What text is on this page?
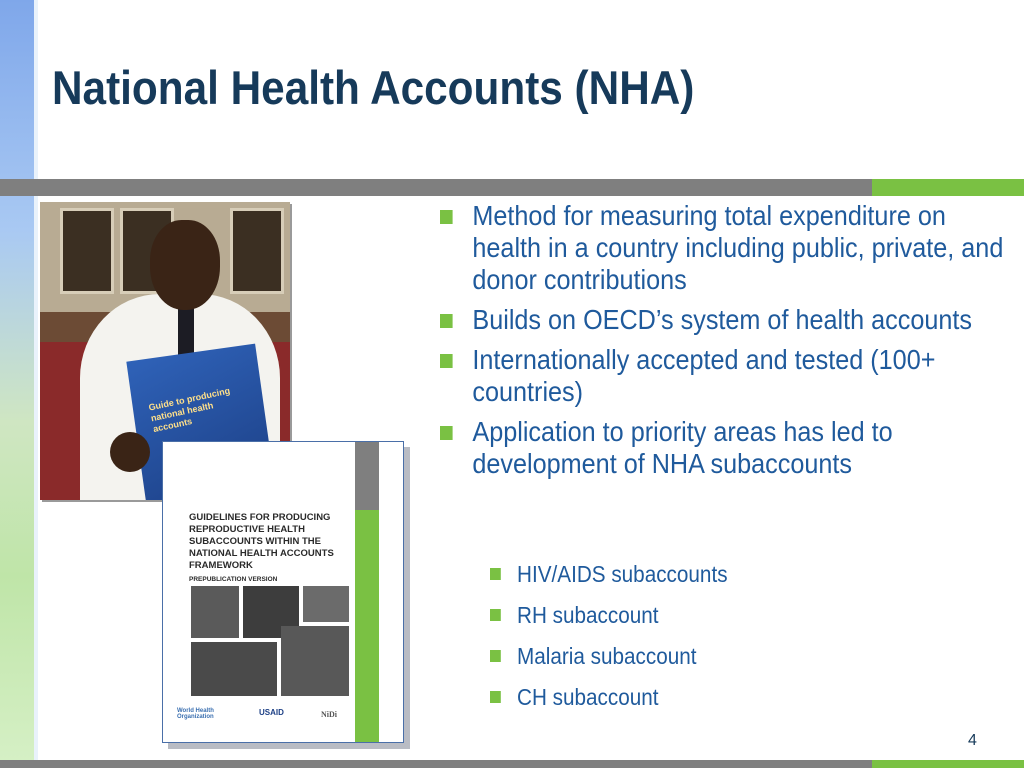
National Health Accounts (NHA)
Guide to producing national health accounts

GUIDELINES FOR PRODUCING REPRODUCTIVE HEALTH SUBACCOUNTS WITHIN THE NATIONAL HEALTH ACCOUNTS FRAMEWORK

PREPUBLICATION VERSION

World Health Organization	USAID	NiDi
Method for measuring total expenditure on health in a country including public, private, and donor contributions
Builds on OECD’s system of health accounts
Internationally accepted and tested (100+ countries)
Application to priority areas has led to development of NHA subaccounts
HIV/AIDS subaccounts
RH subaccount
Malaria subaccount
CH subaccount
4
